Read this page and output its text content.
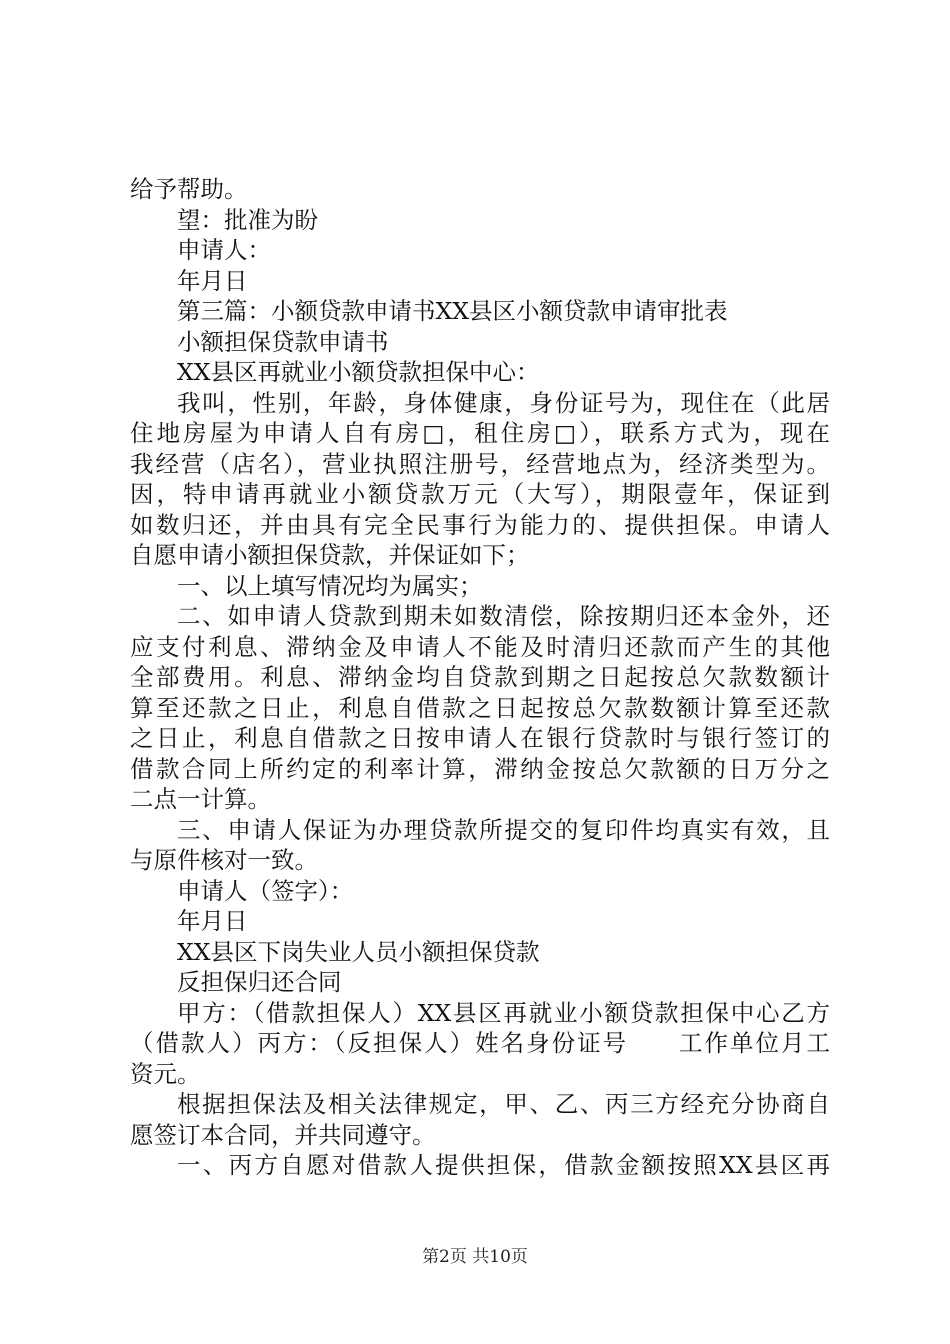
给予帮助。
望：批准为盼
申请人：
年月日
第三篇：小额贷款申请书XX县区小额贷款申请审批表
小额担保贷款申请书
XX县区再就业小额贷款担保中心：
我叫，性别，年龄，身体健康，身份证号为，现住在（此居
住地房屋为申请人自有房□，租住房□），联系方式为，现在
我经营（店名），营业执照注册号，经营地点为，经济类型为。
因，特申请再就业小额贷款万元（大写），期限壹年，保证到
如数归还，并由具有完全民事行为能力的、提供担保。申请人
自愿申请小额担保贷款，并保证如下；
一、以上填写情况均为属实；
二、如申请人贷款到期未如数清偿，除按期归还本金外，还
应支付利息、滞纳金及申请人不能及时清归还款而产生的其他
全部费用。利息、滞纳金均自贷款到期之日起按总欠款数额计
算至还款之日止，利息自借款之日起按总欠款数额计算至还款
之日止，利息自借款之日按申请人在银行贷款时与银行签订的
借款合同上所约定的利率计算，滞纳金按总欠款额的日万分之
二点一计算。
三、申请人保证为办理贷款所提交的复印件均真实有效，且
与原件核对一致。
申请人（签字）：
年月日
XX县区下岗失业人员小额担保贷款
反担保归还合同
甲方：（借款担保人）XX县区再就业小额贷款担保中心乙方
（借款人）丙方：（反担保人）姓名身份证号　　工作单位月工
资元。
根据担保法及相关法律规定，甲、乙、丙三方经充分协商自
愿签订本合同，并共同遵守。
一、丙方自愿对借款人提供担保，借款金额按照XX县区再
第2页 共10页
